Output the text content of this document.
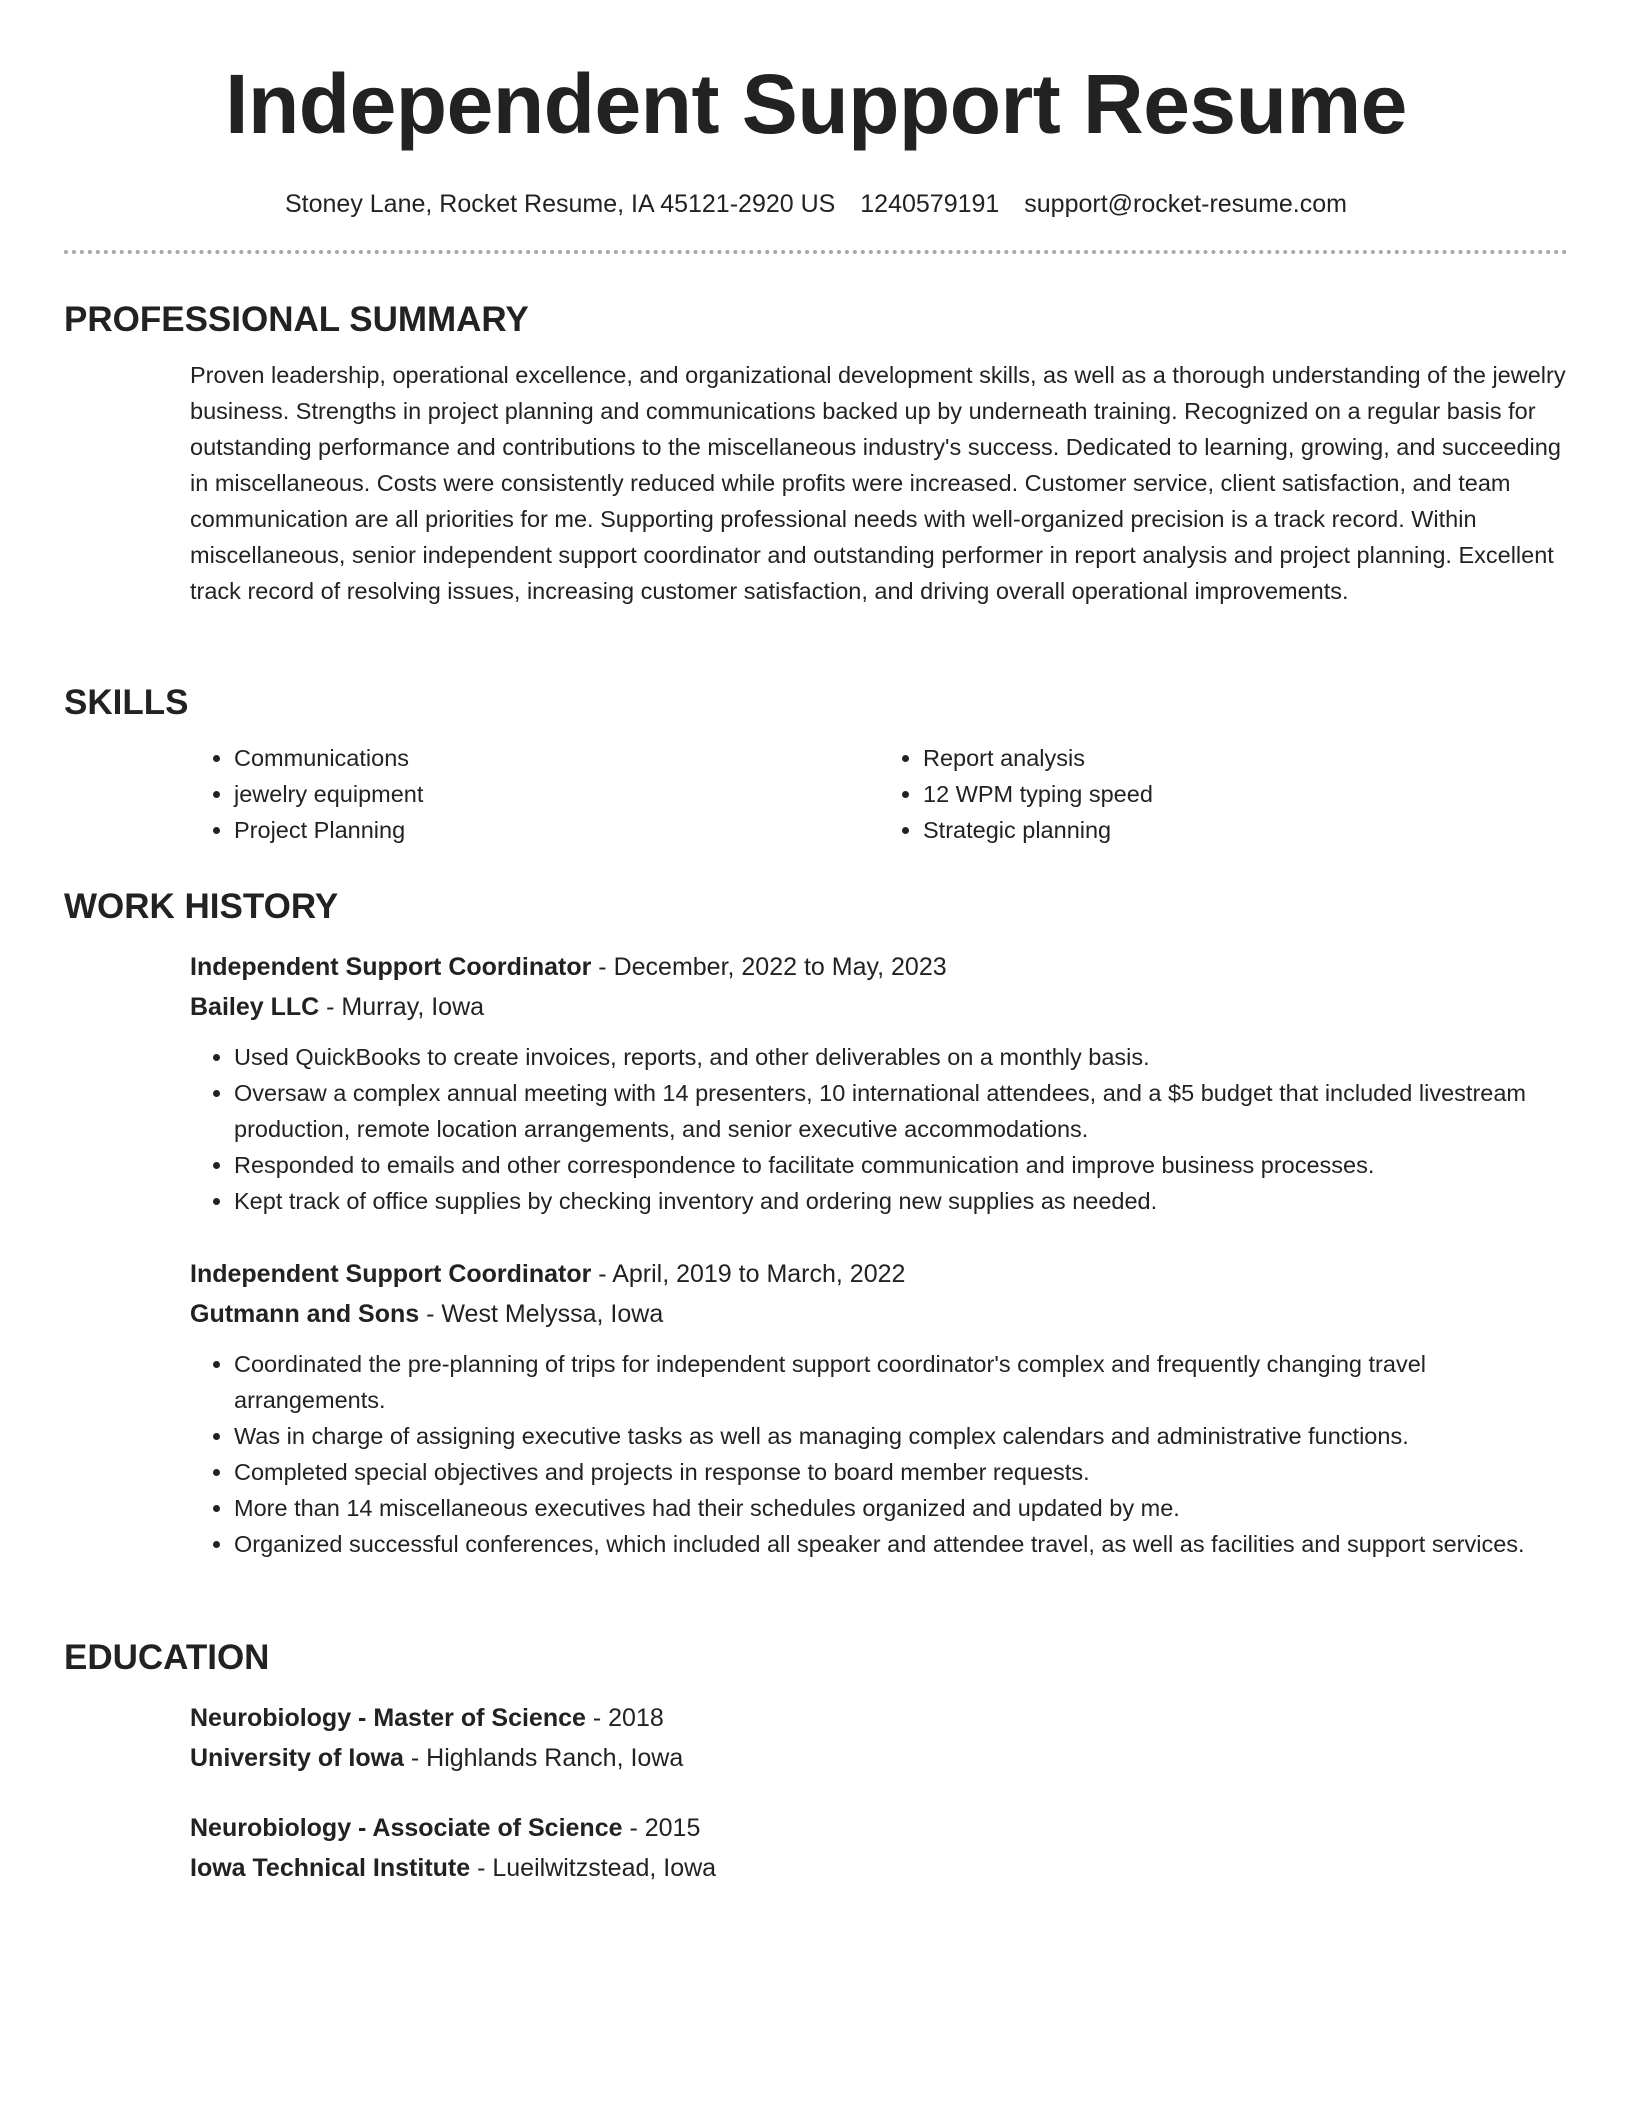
Independent Support Resume
Stoney Lane, Rocket Resume, IA 45121-2920 US 1240579191 support@rocket-resume.com
PROFESSIONAL SUMMARY

Proven leadership, operational excellence, and organizational development skills, as well as a thorough understanding of the jewelry business. Strengths in project planning and communications backed up by underneath training. Recognized on a regular basis for outstanding performance and contributions to the miscellaneous industry's success. Dedicated to learning, growing, and succeeding in miscellaneous. Costs were consistently reduced while profits were increased. Customer service, client satisfaction, and team communication are all priorities for me. Supporting professional needs with well-organized precision is a track record. Within miscellaneous, senior independent support coordinator and outstanding performer in report analysis and project planning. Excellent track record of resolving issues, increasing customer satisfaction, and driving overall operational improvements.

SKILLS
• Communications
• jewelry equipment
• Project Planning
• Report analysis
• 12 WPM typing speed
• Strategic planning
WORK HISTORY
Independent Support Coordinator - December, 2022 to May, 2023
Bailey LLC - Murray, Iowa
• Used QuickBooks to create invoices, reports, and other deliverables on a monthly basis.
• Oversaw a complex annual meeting with 14 presenters, 10 international attendees, and a $5 budget that included livestream production, remote location arrangements, and senior executive accommodations.
• Responded to emails and other correspondence to facilitate communication and improve business processes.
• Kept track of office supplies by checking inventory and ordering new supplies as needed.
Independent Support Coordinator - April, 2019 to March, 2022
Gutmann and Sons - West Melyssa, Iowa
• Coordinated the pre-planning of trips for independent support coordinator's complex and frequently changing travel arrangements.
• Was in charge of assigning executive tasks as well as managing complex calendars and administrative functions.
• Completed special objectives and projects in response to board member requests.
• More than 14 miscellaneous executives had their schedules organized and updated by me.
• Organized successful conferences, which included all speaker and attendee travel, as well as facilities and support services.
EDUCATION
Neurobiology - Master of Science - 2018
University of Iowa - Highlands Ranch, Iowa
Neurobiology - Associate of Science - 2015
Iowa Technical Institute - Lueilwitzstead, Iowa
